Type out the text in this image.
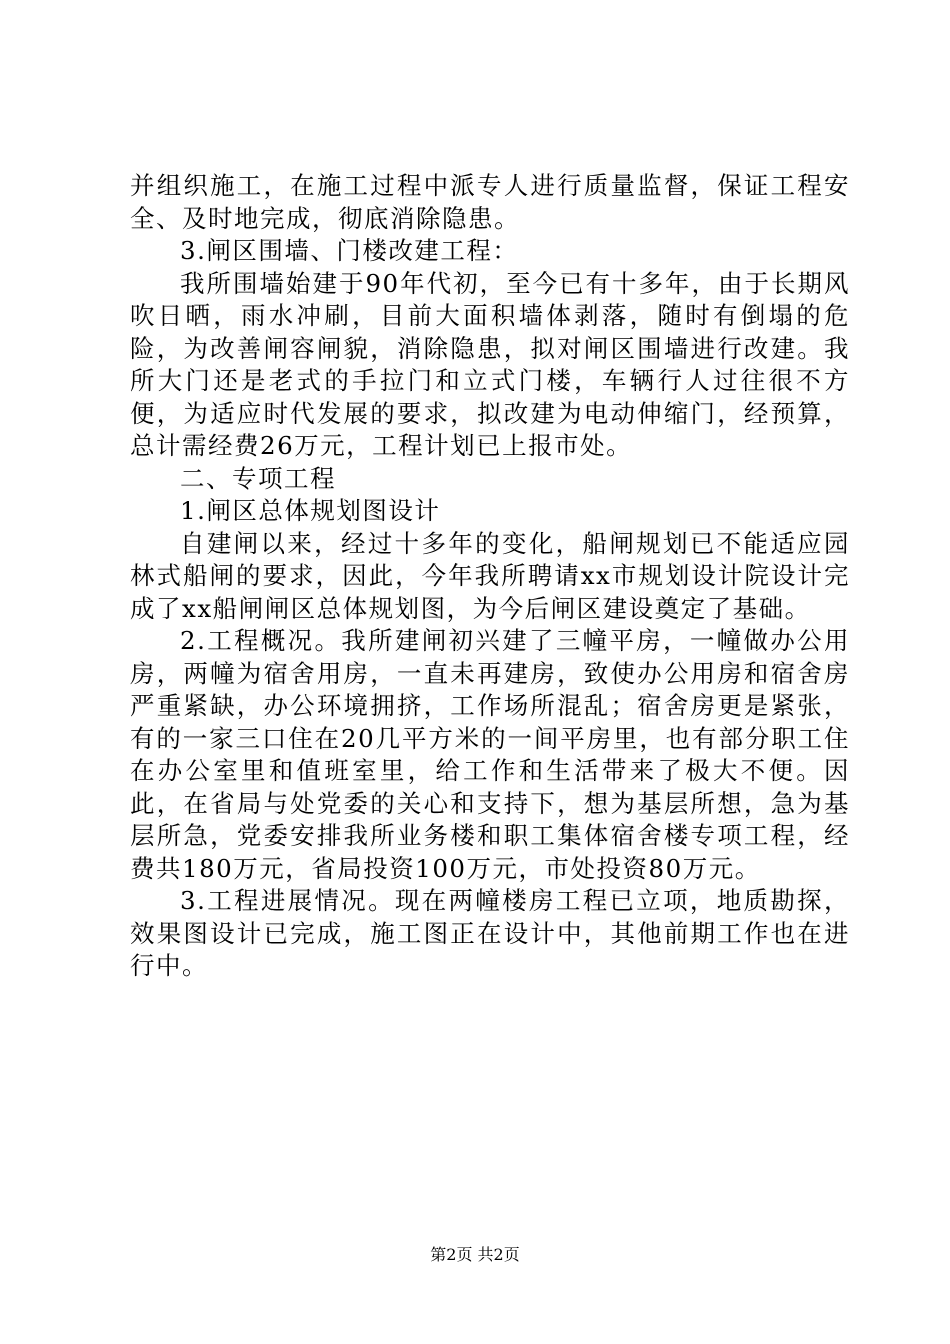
并组织施工，在施工过程中派专人进行质量监督，保证工程安全、及时地完成，彻底消除隐患。

3.闸区围墙、门楼改建工程：

我所围墙始建于90年代初，至今已有十多年，由于长期风吹日晒，雨水冲刷，目前大面积墙体剥落，随时有倒塌的危险，为改善闸容闸貌，消除隐患，拟对闸区围墙进行改建。我所大门还是老式的手拉门和立式门楼，车辆行人过往很不方便，为适应时代发展的要求，拟改建为电动伸缩门，经预算，总计需经费26万元，工程计划已上报市处。

二、专项工程

1.闸区总体规划图设计

自建闸以来，经过十多年的变化，船闸规划已不能适应园林式船闸的要求，因此，今年我所聘请xx市规划设计院设计完成了xx船闸闸区总体规划图，为今后闸区建设奠定了基础。

2.工程概况。我所建闸初兴建了三幢平房，一幢做办公用房，两幢为宿舍用房，一直未再建房，致使办公用房和宿舍房严重紧缺，办公环境拥挤，工作场所混乱；宿舍房更是紧张，有的一家三口住在20几平方米的一间平房里，也有部分职工住在办公室里和值班室里，给工作和生活带来了极大不便。因此，在省局与处党委的关心和支持下，想为基层所想，急为基层所急，党委安排我所业务楼和职工集体宿舍楼专项工程，经费共180万元，省局投资100万元，市处投资80万元。

3.工程进展情况。现在两幢楼房工程已立项，地质勘探，效果图设计已完成，施工图正在设计中，其他前期工作也在进行中。

第2页 共2页
